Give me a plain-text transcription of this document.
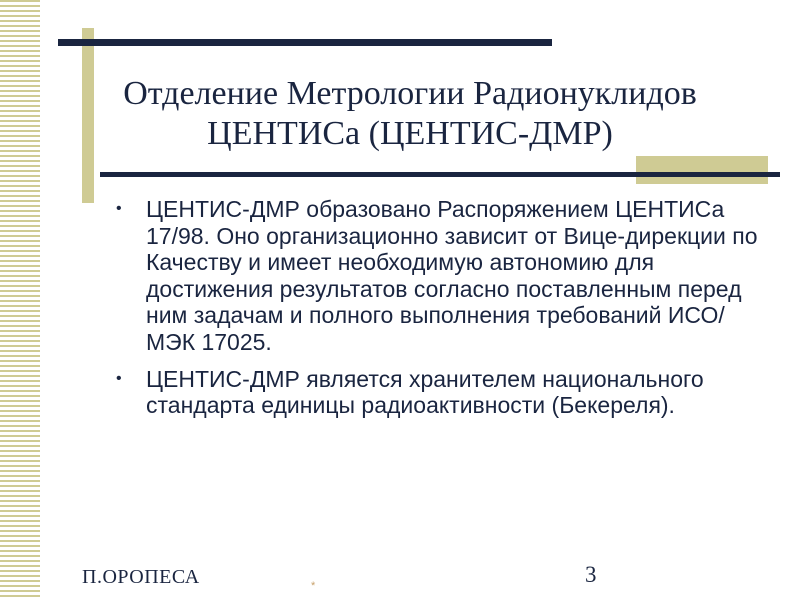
Отделение Метрологии Радионуклидов
ЦЕНТИСа (ЦЕНТИС-ДМР)
• ЦЕНТИС-ДМР образовано Распоряжением ЦЕНТИСа 17/98. Оно организационно зависит от Вице-дирекции по Качеству и имеет необходимую автономию для достижения результатов согласно поставленным перед ним задачам и полного выполнения требований ИСО/МЭК 17025.
• ЦЕНТИС-ДМР является хранителем национального стандарта единицы радиоактивности (Бекереля).
П.ОРОПЕСА	*	3
